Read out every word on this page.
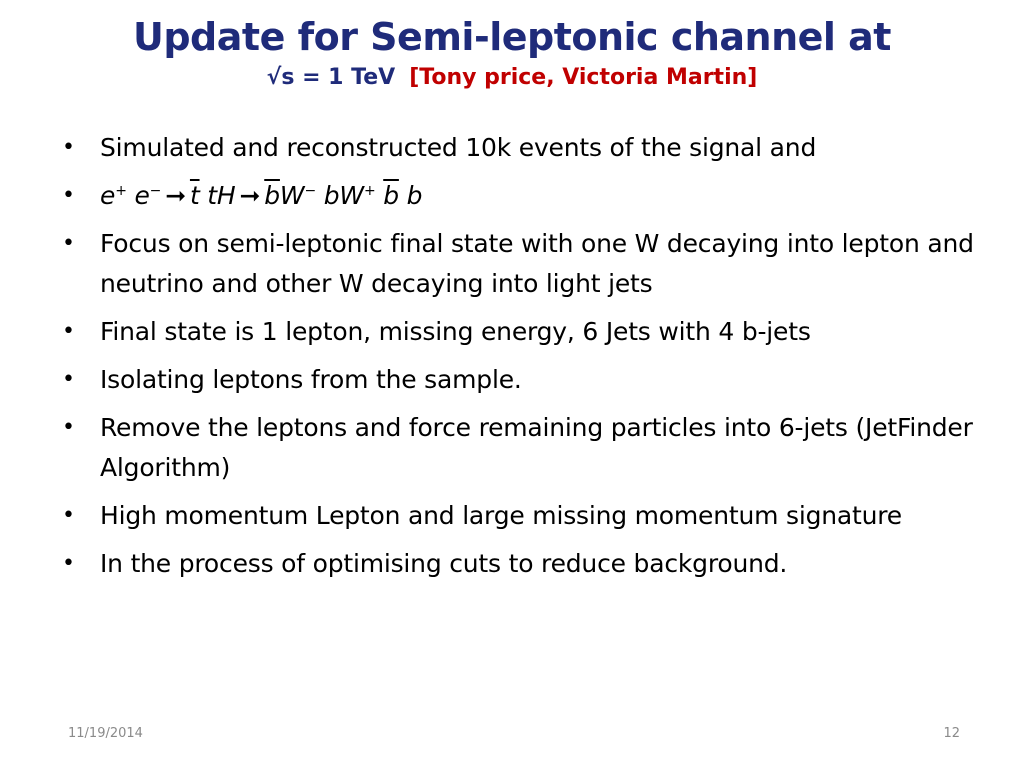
Update for Semi-leptonic channel at
√s = 1 TeV [Tony price, Victoria Martin]
• Simulated and reconstructed 10k events of the signal and
• e+ e− ➞ $\overline{t}$ tH ➞ $\overline{b}W^-$ bW+ $\overline{b}$ b
• Focus on semi-leptonic final state with one W decaying into lepton and neutrino and other W decaying into light jets
• Final state is 1 lepton, missing energy, 6 Jets with 4 b-jets
• Isolating leptons from the sample.
• Remove the leptons and force remaining particles into 6-jets (JetFinder Algorithm)
• High momentum Lepton and large missing momentum signature
• In the process of optimising cuts to reduce background.
11/19/2014	12
